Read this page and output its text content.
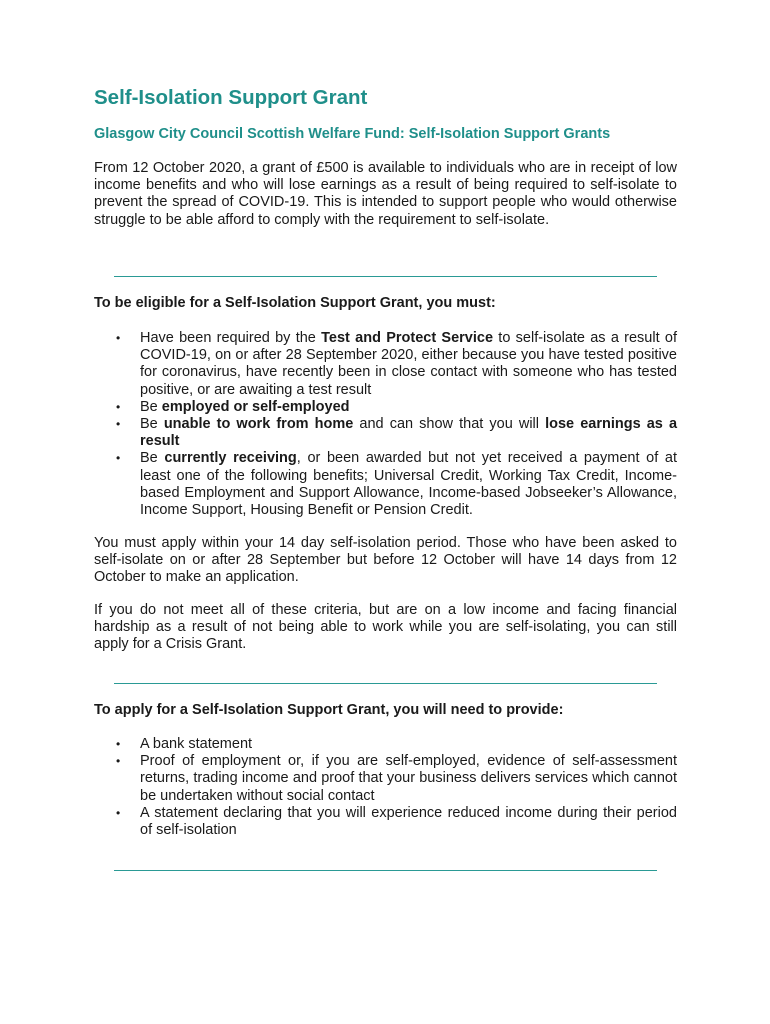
Self-Isolation Support Grant
Glasgow City Council Scottish Welfare Fund: Self-Isolation Support Grants

From 12 October 2020, a grant of £500 is available to individuals who are in receipt of low income benefits and who will lose earnings as a result of being required to self-isolate to prevent the spread of COVID-19. This is intended to support people who would otherwise struggle to be able afford to comply with the requirement to self-isolate.

To be eligible for a Self-Isolation Support Grant, you must:

• Have been required by the Test and Protect Service to self-isolate as a result of COVID-19, on or after 28 September 2020, either because you have tested positive for coronavirus, have recently been in close contact with someone who has tested positive, or are awaiting a test result
• Be employed or self-employed
• Be unable to work from home and can show that you will lose earnings as a result
• Be currently receiving, or been awarded but not yet received a payment of at least one of the following benefits; Universal Credit, Working Tax Credit, Income-based Employment and Support Allowance, Income-based Jobseeker’s Allowance, Income Support, Housing Benefit or Pension Credit.

You must apply within your 14 day self-isolation period. Those who have been asked to self-isolate on or after 28 September but before 12 October will have 14 days from 12 October to make an application.

If you do not meet all of these criteria, but are on a low income and facing financial hardship as a result of not being able to work while you are self-isolating, you can still apply for a Crisis Grant.

To apply for a Self-Isolation Support Grant, you will need to provide:

• A bank statement
• Proof of employment or, if you are self-employed, evidence of self-assessment returns, trading income and proof that your business delivers services which cannot be undertaken without social contact
• A statement declaring that you will experience reduced income during their period of self-isolation
